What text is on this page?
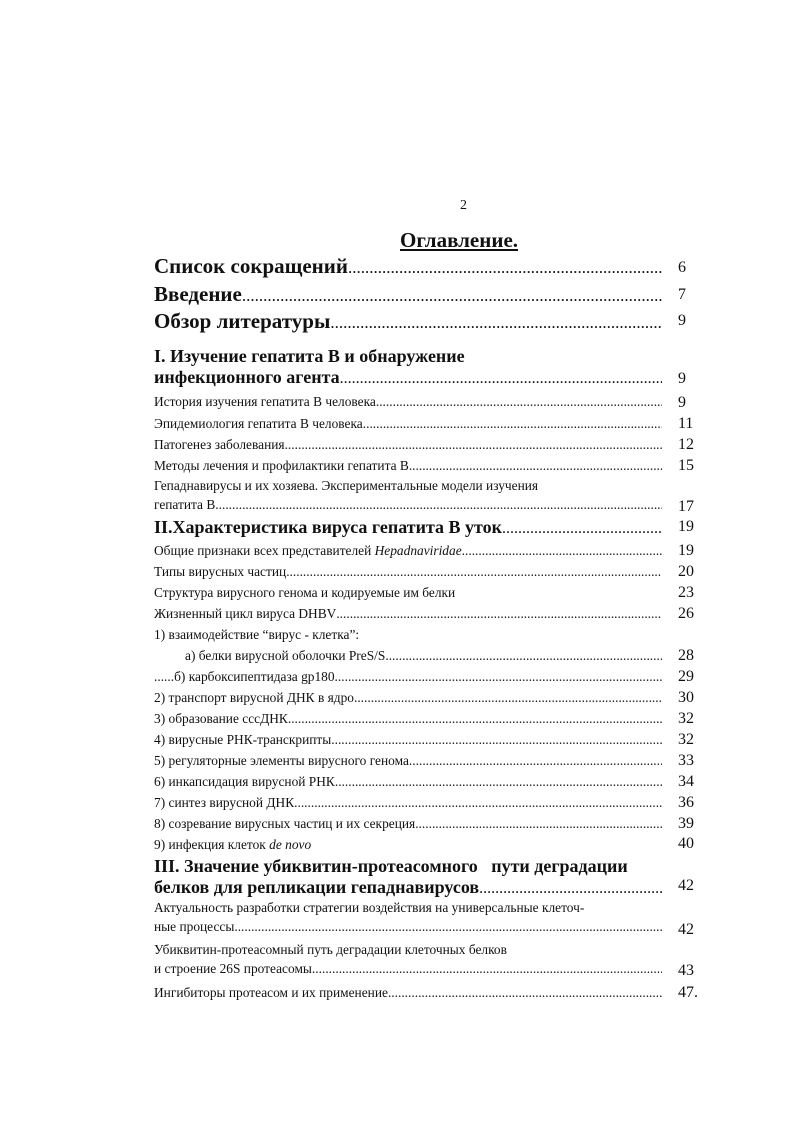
2
Оглавление.
Список сокращений .....	6
Введение .....	7
Обзор литературы .....	9
I. Изучение гепатита В и обнаружение
инфекционного агента .....	9
История изучения гепатита В человека .....	9
Эпидемиология гепатита В человека .....	11
Патогенез заболевания .....	12
Методы лечения и профилактики гепатита В .....	15
Гепаднавирусы и их хозяева. Экспериментальные модели изучения
гепатита В .....	17
II.Характеристика вируса гепатита В уток .....	19
Общие признаки всех представителей Hepadnaviridae .....	19
Типы вирусных частиц .....	20
Структура вирусного генома и кодируемые им белки	23
Жизненный цикл вируса DHBV .....	26
1) взаимодействие “вирус - клетка”:
а) белки вирусной оболочки PreS/S .....	28
......б) карбоксипептидаза gp180 .....	29
2) транспорт вирусной ДНК в ядро .....	30
3) образование cccДНК .....	32
4) вирусные РНК-транскрипты .....	32
5) регуляторные элементы вирусного генома .....	33
6) инкапсидация вирусной РНК .....	34
7) синтез вирусной ДНК .....	36
8) созревание вирусных частиц и их секреция .....	39
9) инфекция клеток de novo	40
III. Значение убиквитин-протеасомного   пути деградации
белков для репликации гепаднавирусов .....	42
Актуальность разработки стратегии воздействия на универсальные клеточ-
ные процессы .....	42
Убиквитин-протеасомный путь деградации клеточных белков
и строение 26S протеасомы .....	43
Ингибиторы протеасом и их применение .....	47.
